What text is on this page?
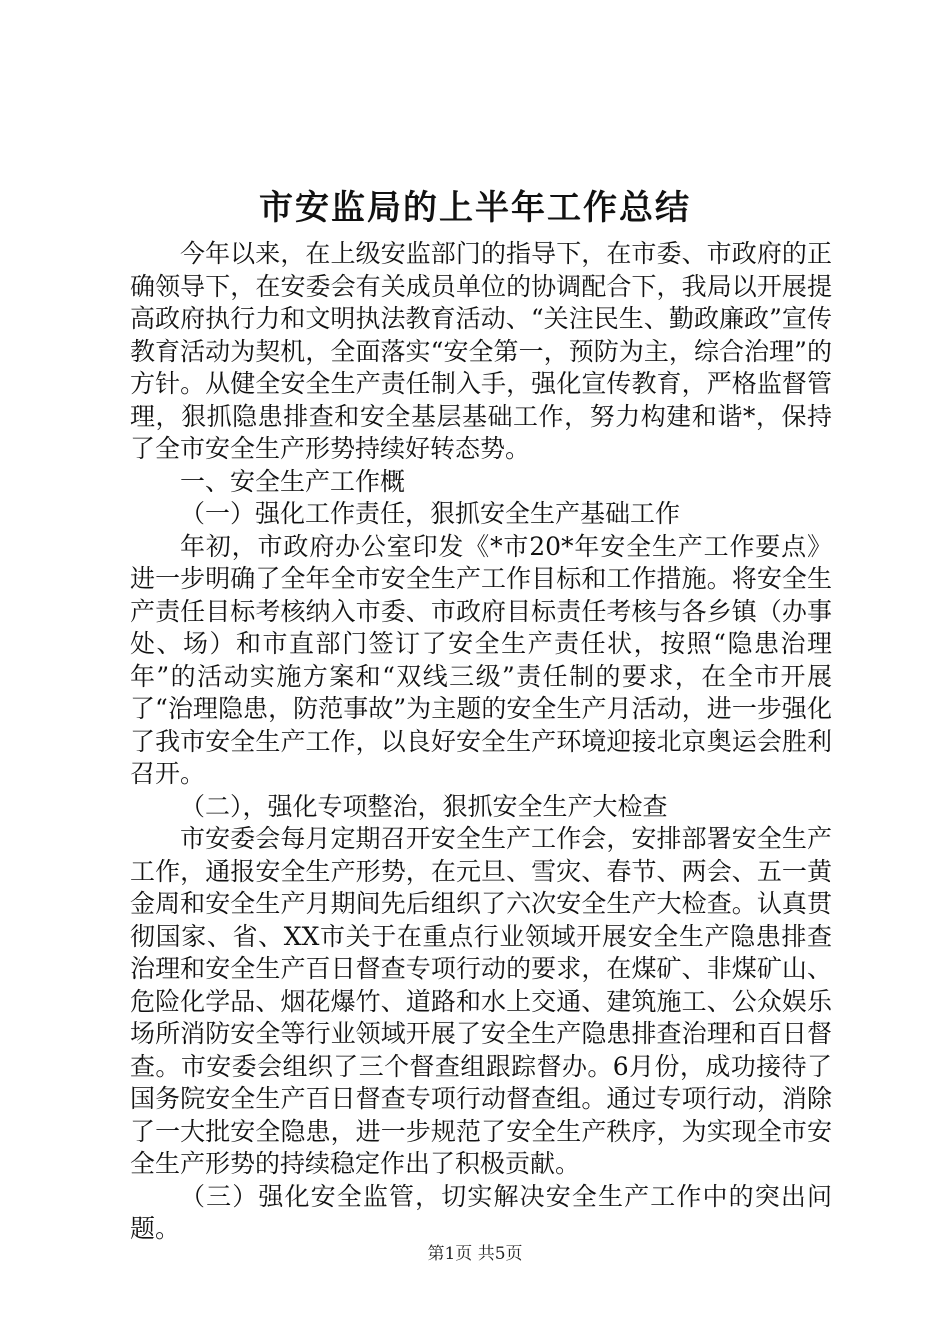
市安监局的上半年工作总结

今年以来，在上级安监部门的指导下，在市委、市政府的正确领导下，在安委会有关成员单位的协调配合下，我局以开展提高政府执行力和文明执法教育活动、“关注民生、勤政廉政”宣传教育活动为契机，全面落实“安全第一，预防为主，综合治理”的方针。从健全安全生产责任制入手，强化宣传教育，严格监督管理，狠抓隐患排查和安全基层基础工作，努力构建和谐*，保持了全市安全生产形势持续好转态势。

一、安全生产工作概

（一）强化工作责任，狠抓安全生产基础工作

年初，市政府办公室印发《*市20*年安全生产工作要点》进一步明确了全年全市安全生产工作目标和工作措施。将安全生产责任目标考核纳入市委、市政府目标责任考核与各乡镇（办事处、场）和市直部门签订了安全生产责任状，按照“隐患治理年”的活动实施方案和“双线三级”责任制的要求，在全市开展了“治理隐患，防范事故”为主题的安全生产月活动，进一步强化了我市安全生产工作，以良好安全生产环境迎接北京奥运会胜利召开。

（二），强化专项整治，狠抓安全生产大检查

市安委会每月定期召开安全生产工作会，安排部署安全生产工作，通报安全生产形势，在元旦、雪灾、春节、两会、五一黄金周和安全生产月期间先后组织了六次安全生产大检查。认真贯彻国家、省、XX市关于在重点行业领域开展安全生产隐患排查治理和安全生产百日督查专项行动的要求，在煤矿、非煤矿山、危险化学品、烟花爆竹、道路和水上交通、建筑施工、公众娱乐场所消防安全等行业领域开展了安全生产隐患排查治理和百日督查。市安委会组织了三个督查组跟踪督办。6月份，成功接待了国务院安全生产百日督查专项行动督查组。通过专项行动，消除了一大批安全隐患，进一步规范了安全生产秩序，为实现全市安全生产形势的持续稳定作出了积极贡献。

（三）强化安全监管，切实解决安全生产工作中的突出问题。

第1页 共5页
